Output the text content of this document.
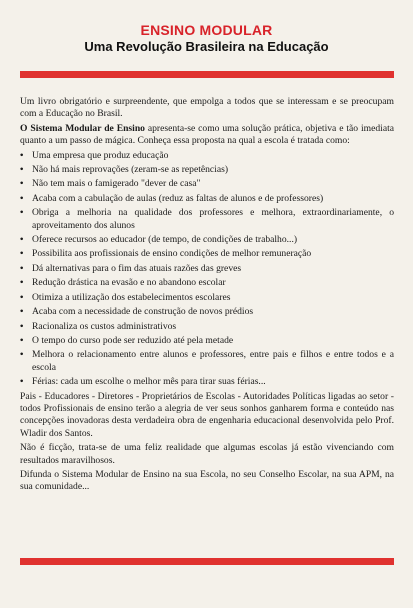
ENSINO MODULAR
Uma Revolução Brasileira na Educação

Um livro obrigatório e surpreendente, que empolga a todos que se interessam e se preocupam com a Educação no Brasil.

O Sistema Modular de Ensino apresenta-se como uma solução prática, objetiva e tão imediata quanto a um passo de mágica. Conheça essa proposta na qual a escola é tratada como:

• Uma empresa que produz educação
• Não há mais reprovações (zeram-se as repetências)
• Não tem mais o famigerado "dever de casa"
• Acaba com a cabulação de aulas (reduz as faltas de alunos e de professores)
• Obriga a melhoria na qualidade dos professores e melhora, extraordinariamente, o aproveitamento dos alunos
• Oferece recursos ao educador (de tempo, de condições de trabalho...)
• Possibilita aos profissionais de ensino condições de melhor remuneração
• Dá alternativas para o fim das atuais razões das greves
• Redução drástica na evasão e no abandono escolar
• Otimiza a utilização dos estabelecimentos escolares
• Acaba com a necessidade de construção de novos prédios
• Racionaliza os custos administrativos
• O tempo do curso pode ser reduzido até pela metade
• Melhora o relacionamento entre alunos e professores, entre pais e filhos e entre todos e a escola
• Férias: cada um escolhe o melhor mês para tirar suas férias...

Pais - Educadores - Diretores - Proprietários de Escolas - Autoridades Políticas ligadas ao setor - todos Profissionais de ensino terão a alegria de ver seus sonhos ganharem forma e conteúdo nas concepções inovadoras desta verdadeira obra de engenharia educacional desenvolvida pelo Prof. Wladir dos Santos.

Não é ficção, trata-se de uma feliz realidade que algumas escolas já estão vivenciando com resultados maravilhosos.

Difunda o Sistema Modular de Ensino na sua Escola, no seu Conselho Escolar, na sua APM, na sua comunidade...
